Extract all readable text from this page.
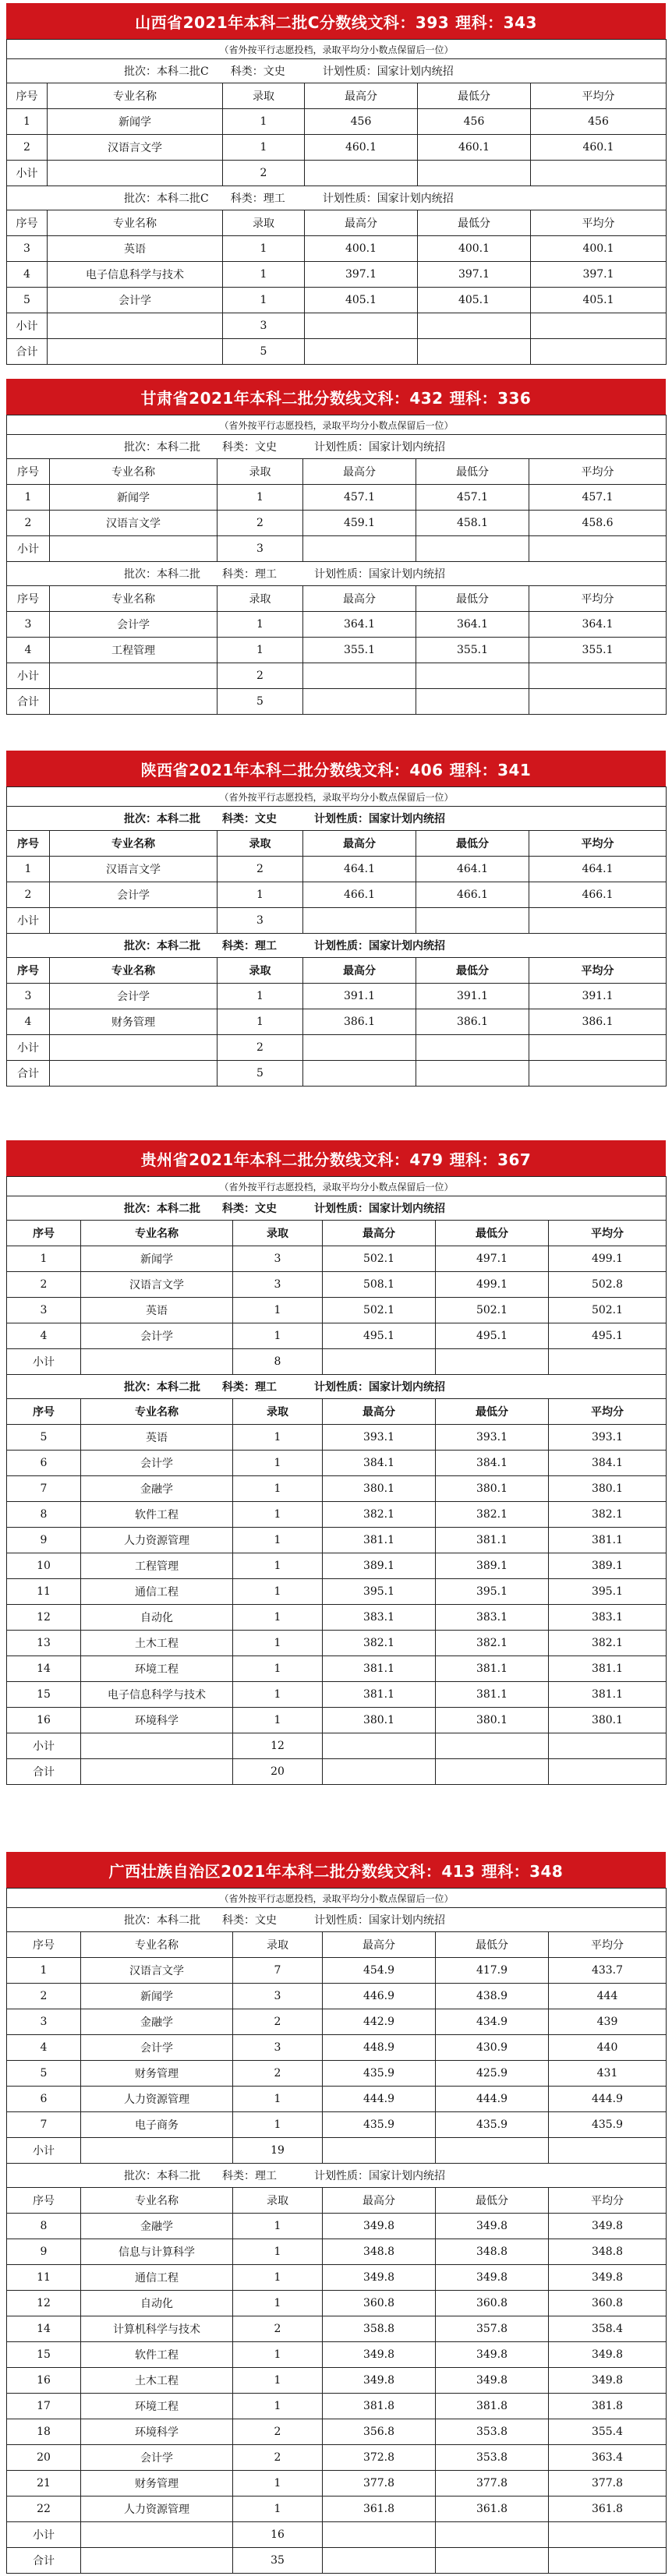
山西省2021年本科二批C分数线文科：393 理科：343
（省外按平行志愿投档，录取平均分小数点保留后一位）					
批次：本科二批C 科类：文史 计划性质：国家计划内统招					
序号	专业名称	录取	最高分	最低分	平均分
1	新闻学	1	456	456	456
2	汉语言文学	1	460.1	460.1	460.1
小计		2			
批次：本科二批C 科类：理工 计划性质：国家计划内统招					
序号	专业名称	录取	最高分	最低分	平均分
3	英语	1	400.1	400.1	400.1
4	电子信息科学与技术	1	397.1	397.1	397.1
5	会计学	1	405.1	405.1	405.1
小计		3			
合计		5			
甘肃省2021年本科二批分数线文科：432 理科：336
（省外按平行志愿投档，录取平均分小数点保留后一位）					
批次：本科二批 科类：文史 计划性质：国家计划内统招					
序号	专业名称	录取	最高分	最低分	平均分
1	新闻学	1	457.1	457.1	457.1
2	汉语言文学	2	459.1	458.1	458.6
小计		3			
批次：本科二批 科类：理工 计划性质：国家计划内统招					
序号	专业名称	录取	最高分	最低分	平均分
3	会计学	1	364.1	364.1	364.1
4	工程管理	1	355.1	355.1	355.1
小计		2			
合计		5			
陕西省2021年本科二批分数线文科：406 理科：341
（省外按平行志愿投档，录取平均分小数点保留后一位）					
批次：本科二批 科类：文史 计划性质：国家计划内统招					
序号	专业名称	录取	最高分	最低分	平均分
1	汉语言文学	2	464.1	464.1	464.1
2	会计学	1	466.1	466.1	466.1
小计		3			
批次：本科二批 科类：理工 计划性质：国家计划内统招					
序号	专业名称	录取	最高分	最低分	平均分
3	会计学	1	391.1	391.1	391.1
4	财务管理	1	386.1	386.1	386.1
小计		2			
合计		5			
贵州省2021年本科二批分数线文科：479 理科：367
（省外按平行志愿投档，录取平均分小数点保留后一位）					
批次：本科二批 科类：文史 计划性质：国家计划内统招					
序号	专业名称	录取	最高分	最低分	平均分
1	新闻学	3	502.1	497.1	499.1
2	汉语言文学	3	508.1	499.1	502.8
3	英语	1	502.1	502.1	502.1
4	会计学	1	495.1	495.1	495.1
小计		8			
批次：本科二批 科类：理工 计划性质：国家计划内统招					
序号	专业名称	录取	最高分	最低分	平均分
5	英语	1	393.1	393.1	393.1
6	会计学	1	384.1	384.1	384.1
7	金融学	1	380.1	380.1	380.1
8	软件工程	1	382.1	382.1	382.1
9	人力资源管理	1	381.1	381.1	381.1
10	工程管理	1	389.1	389.1	389.1
11	通信工程	1	395.1	395.1	395.1
12	自动化	1	383.1	383.1	383.1
13	土木工程	1	382.1	382.1	382.1
14	环境工程	1	381.1	381.1	381.1
15	电子信息科学与技术	1	381.1	381.1	381.1
16	环境科学	1	380.1	380.1	380.1
小计		12			
合计		20			
广西壮族自治区2021年本科二批分数线文科：413 理科：348
（省外按平行志愿投档，录取平均分小数点保留后一位）					
批次：本科二批 科类：文史 计划性质：国家计划内统招					
序号	专业名称	录取	最高分	最低分	平均分
1	汉语言文学	7	454.9	417.9	433.7
2	新闻学	3	446.9	438.9	444
3	金融学	2	442.9	434.9	439
4	会计学	3	448.9	430.9	440
5	财务管理	2	435.9	425.9	431
6	人力资源管理	1	444.9	444.9	444.9
7	电子商务	1	435.9	435.9	435.9
小计		19			
批次：本科二批 科类：理工 计划性质：国家计划内统招					
序号	专业名称	录取	最高分	最低分	平均分
8	金融学	1	349.8	349.8	349.8
9	信息与计算科学	1	348.8	348.8	348.8
11	通信工程	1	349.8	349.8	349.8
12	自动化	1	360.8	360.8	360.8
14	计算机科学与技术	2	358.8	357.8	358.4
15	软件工程	1	349.8	349.8	349.8
16	土木工程	1	349.8	349.8	349.8
17	环境工程	1	381.8	381.8	381.8
18	环境科学	2	356.8	353.8	355.4
20	会计学	2	372.8	353.8	363.4
21	财务管理	1	377.8	377.8	377.8
22	人力资源管理	1	361.8	361.8	361.8
小计		16			
合计		35			
